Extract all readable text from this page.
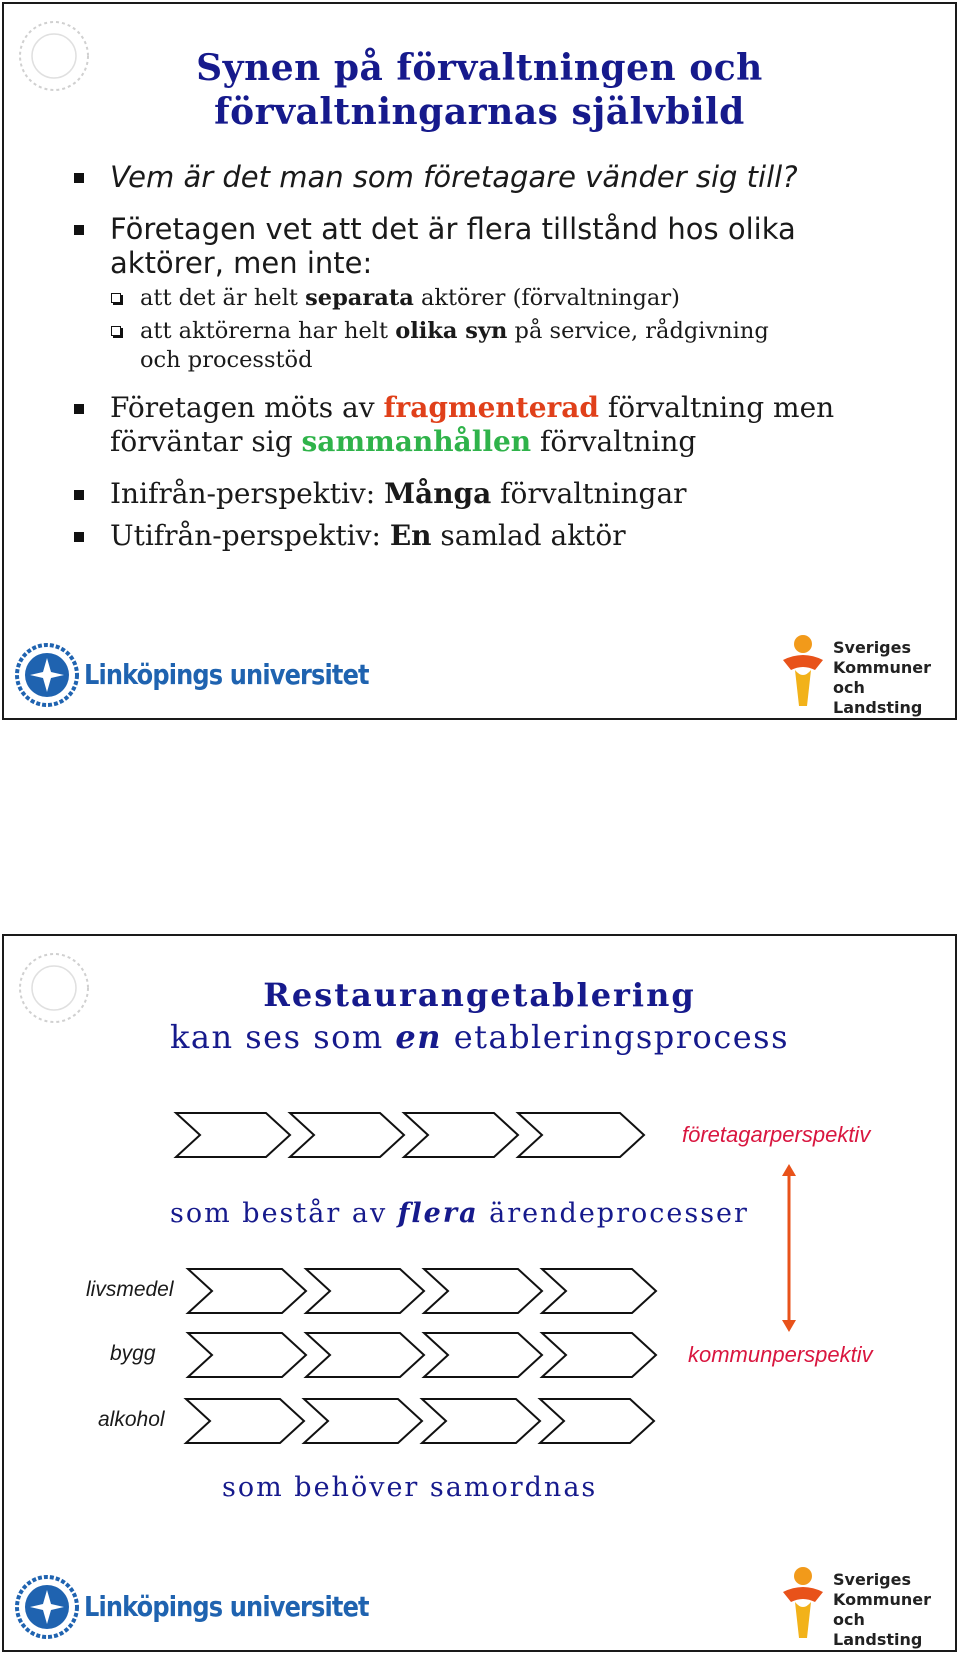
Synen på förvaltningen och
förvaltningarnas självbild
Vem är det man som företagare vänder sig till?
Företagen vet att det är flera tillstånd hos olika
aktörer, men inte:
att det är helt separata aktörer (förvaltningar)
att aktörerna har helt olika syn på service, rådgivning
och processtöd
Företagen möts av fragmenterad förvaltning men
förväntar sig sammanhållen förvaltning
Inifrån-perspektiv: Många förvaltningar
Utifrån-perspektiv: En samlad aktör
Linköpings universitet
Sveriges
Kommuner
och Landsting
Restaurangetablering
kan ses som en etableringsprocess
företagarperspektiv
som består av flera ärendeprocesser
livsmedel
bygg	kommunperspektiv
alkohol
som behöver samordnas
Linköpings universitet
Sveriges
Kommuner
och Landsting
